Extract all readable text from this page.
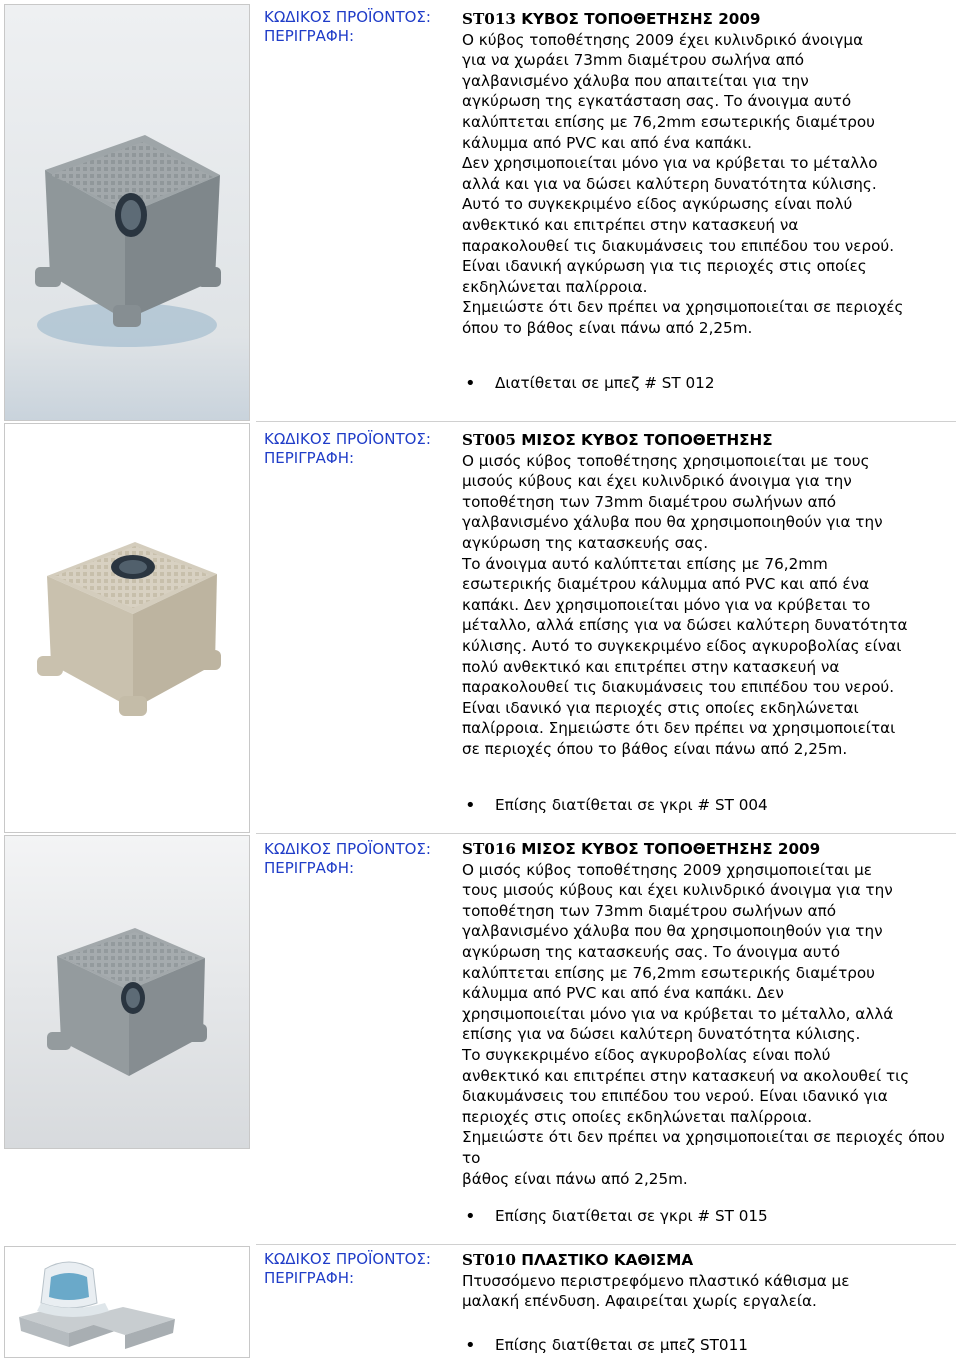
ΚΩΔΙΚΟΣ ΠΡΟΪΟΝΤΟΣ:
ΠΕΡΙΓΡΑΦΗ:
ST013 ΚΥΒΟΣ ΤΟΠΟΘΕΤΗΣΗΣ 2009

Ο κύβος τοποθέτησης 2009 έχει κυλινδρικό άνοιγμα

για να χωράει 73mm διαμέτρου σωλήνα από

γαλβανισμένο χάλυβα που απαιτείται για την

αγκύρωση της εγκατάσταση σας. Το άνοιγμα αυτό

καλύπτεται επίσης με 76,2mm εσωτερικής διαμέτρου

κάλυμμα από PVC και από ένα καπάκι.

Δεν χρησιμοποιείται μόνο για να κρύβεται το μέταλλο

αλλά και για να δώσει καλύτερη δυνατότητα κύλισης.

Αυτό το συγκεκριμένο είδος αγκύρωσης είναι πολύ

ανθεκτικό και επιτρέπει στην κατασκευή να

παρακολουθεί τις διακυμάνσεις του επιπέδου του νερού.

Είναι ιδανική αγκύρωση για τις περιοχές στις οποίες

εκδηλώνεται παλίρροια.

Σημειώστε ότι δεν πρέπει να χρησιμοποιείται σε περιοχές

όπου το βάθος είναι πάνω από 2,25m.

• Διατίθεται σε μπεζ # ST 012
ΚΩΔΙΚΟΣ ΠΡΟΪΟΝΤΟΣ:
ΠΕΡΙΓΡΑΦΗ:
ST005 ΜΙΣΟΣ ΚΥΒΟΣ ΤΟΠΟΘΕΤΗΣΗΣ

Ο μισός κύβος τοποθέτησης χρησιμοποιείται με τους

μισούς κύβους και έχει κυλινδρικό άνοιγμα για την

τοποθέτηση των 73mm διαμέτρου σωλήνων από

γαλβανισμένο χάλυβα που θα χρησιμοποιηθούν για την

αγκύρωση της κατασκευής σας.

Το άνοιγμα αυτό καλύπτεται επίσης με 76,2mm

εσωτερικής διαμέτρου κάλυμμα από PVC και από ένα

καπάκι. Δεν χρησιμοποιείται μόνο για να κρύβεται το

μέταλλο, αλλά επίσης για να δώσει καλύτερη δυνατότητα

κύλισης. Αυτό το συγκεκριμένο είδος αγκυροβολίας είναι

πολύ ανθεκτικό και επιτρέπει στην κατασκευή να

παρακολουθεί τις διακυμάνσεις του επιπέδου του νερού.

Είναι ιδανικό για περιοχές στις οποίες εκδηλώνεται

παλίρροια. Σημειώστε ότι δεν πρέπει να χρησιμοποιείται

σε περιοχές όπου το βάθος είναι πάνω από 2,25m.

• Επίσης διατίθεται σε γκρι # ST 004
ΚΩΔΙΚΟΣ ΠΡΟΪΟΝΤΟΣ:
ΠΕΡΙΓΡΑΦΗ:
ST016 ΜΙΣΟΣ ΚΥΒΟΣ ΤΟΠΟΘΕΤΗΣΗΣ 2009

Ο μισός κύβος τοποθέτησης 2009 χρησιμοποιείται με

τους μισούς κύβους και έχει κυλινδρικό άνοιγμα για την

τοποθέτηση των 73mm διαμέτρου σωλήνων από

γαλβανισμένο χάλυβα που θα χρησιμοποιηθούν για την

αγκύρωση της κατασκευής σας. Το άνοιγμα αυτό

καλύπτεται επίσης με 76,2mm εσωτερικής διαμέτρου

κάλυμμα από PVC και από ένα καπάκι. Δεν

χρησιμοποιείται μόνο για να κρύβεται το μέταλλο, αλλά

επίσης για να δώσει καλύτερη δυνατότητα κύλισης.

Το συγκεκριμένο είδος αγκυροβολίας είναι πολύ

ανθεκτικό και επιτρέπει στην κατασκευή να ακολουθεί τις

διακυμάνσεις του επιπέδου του νερού. Είναι ιδανικό για

περιοχές στις οποίες εκδηλώνεται παλίρροια.

Σημειώστε ότι δεν πρέπει να χρησιμοποιείται σε περιοχές όπου το

βάθος είναι πάνω από 2,25m.

• Επίσης διατίθεται σε γκρι # ST 015
ΚΩΔΙΚΟΣ ΠΡΟΪΟΝΤΟΣ:
ΠΕΡΙΓΡΑΦΗ:
ST010 ΠΛΑΣΤΙΚΟ ΚΑΘΙΣΜΑ

Πτυσσόμενο περιστρεφόμενο πλαστικό κάθισμα με

μαλακή επένδυση. Αφαιρείται χωρίς εργαλεία.

• Επίσης διατίθεται σε μπεζ ST011
